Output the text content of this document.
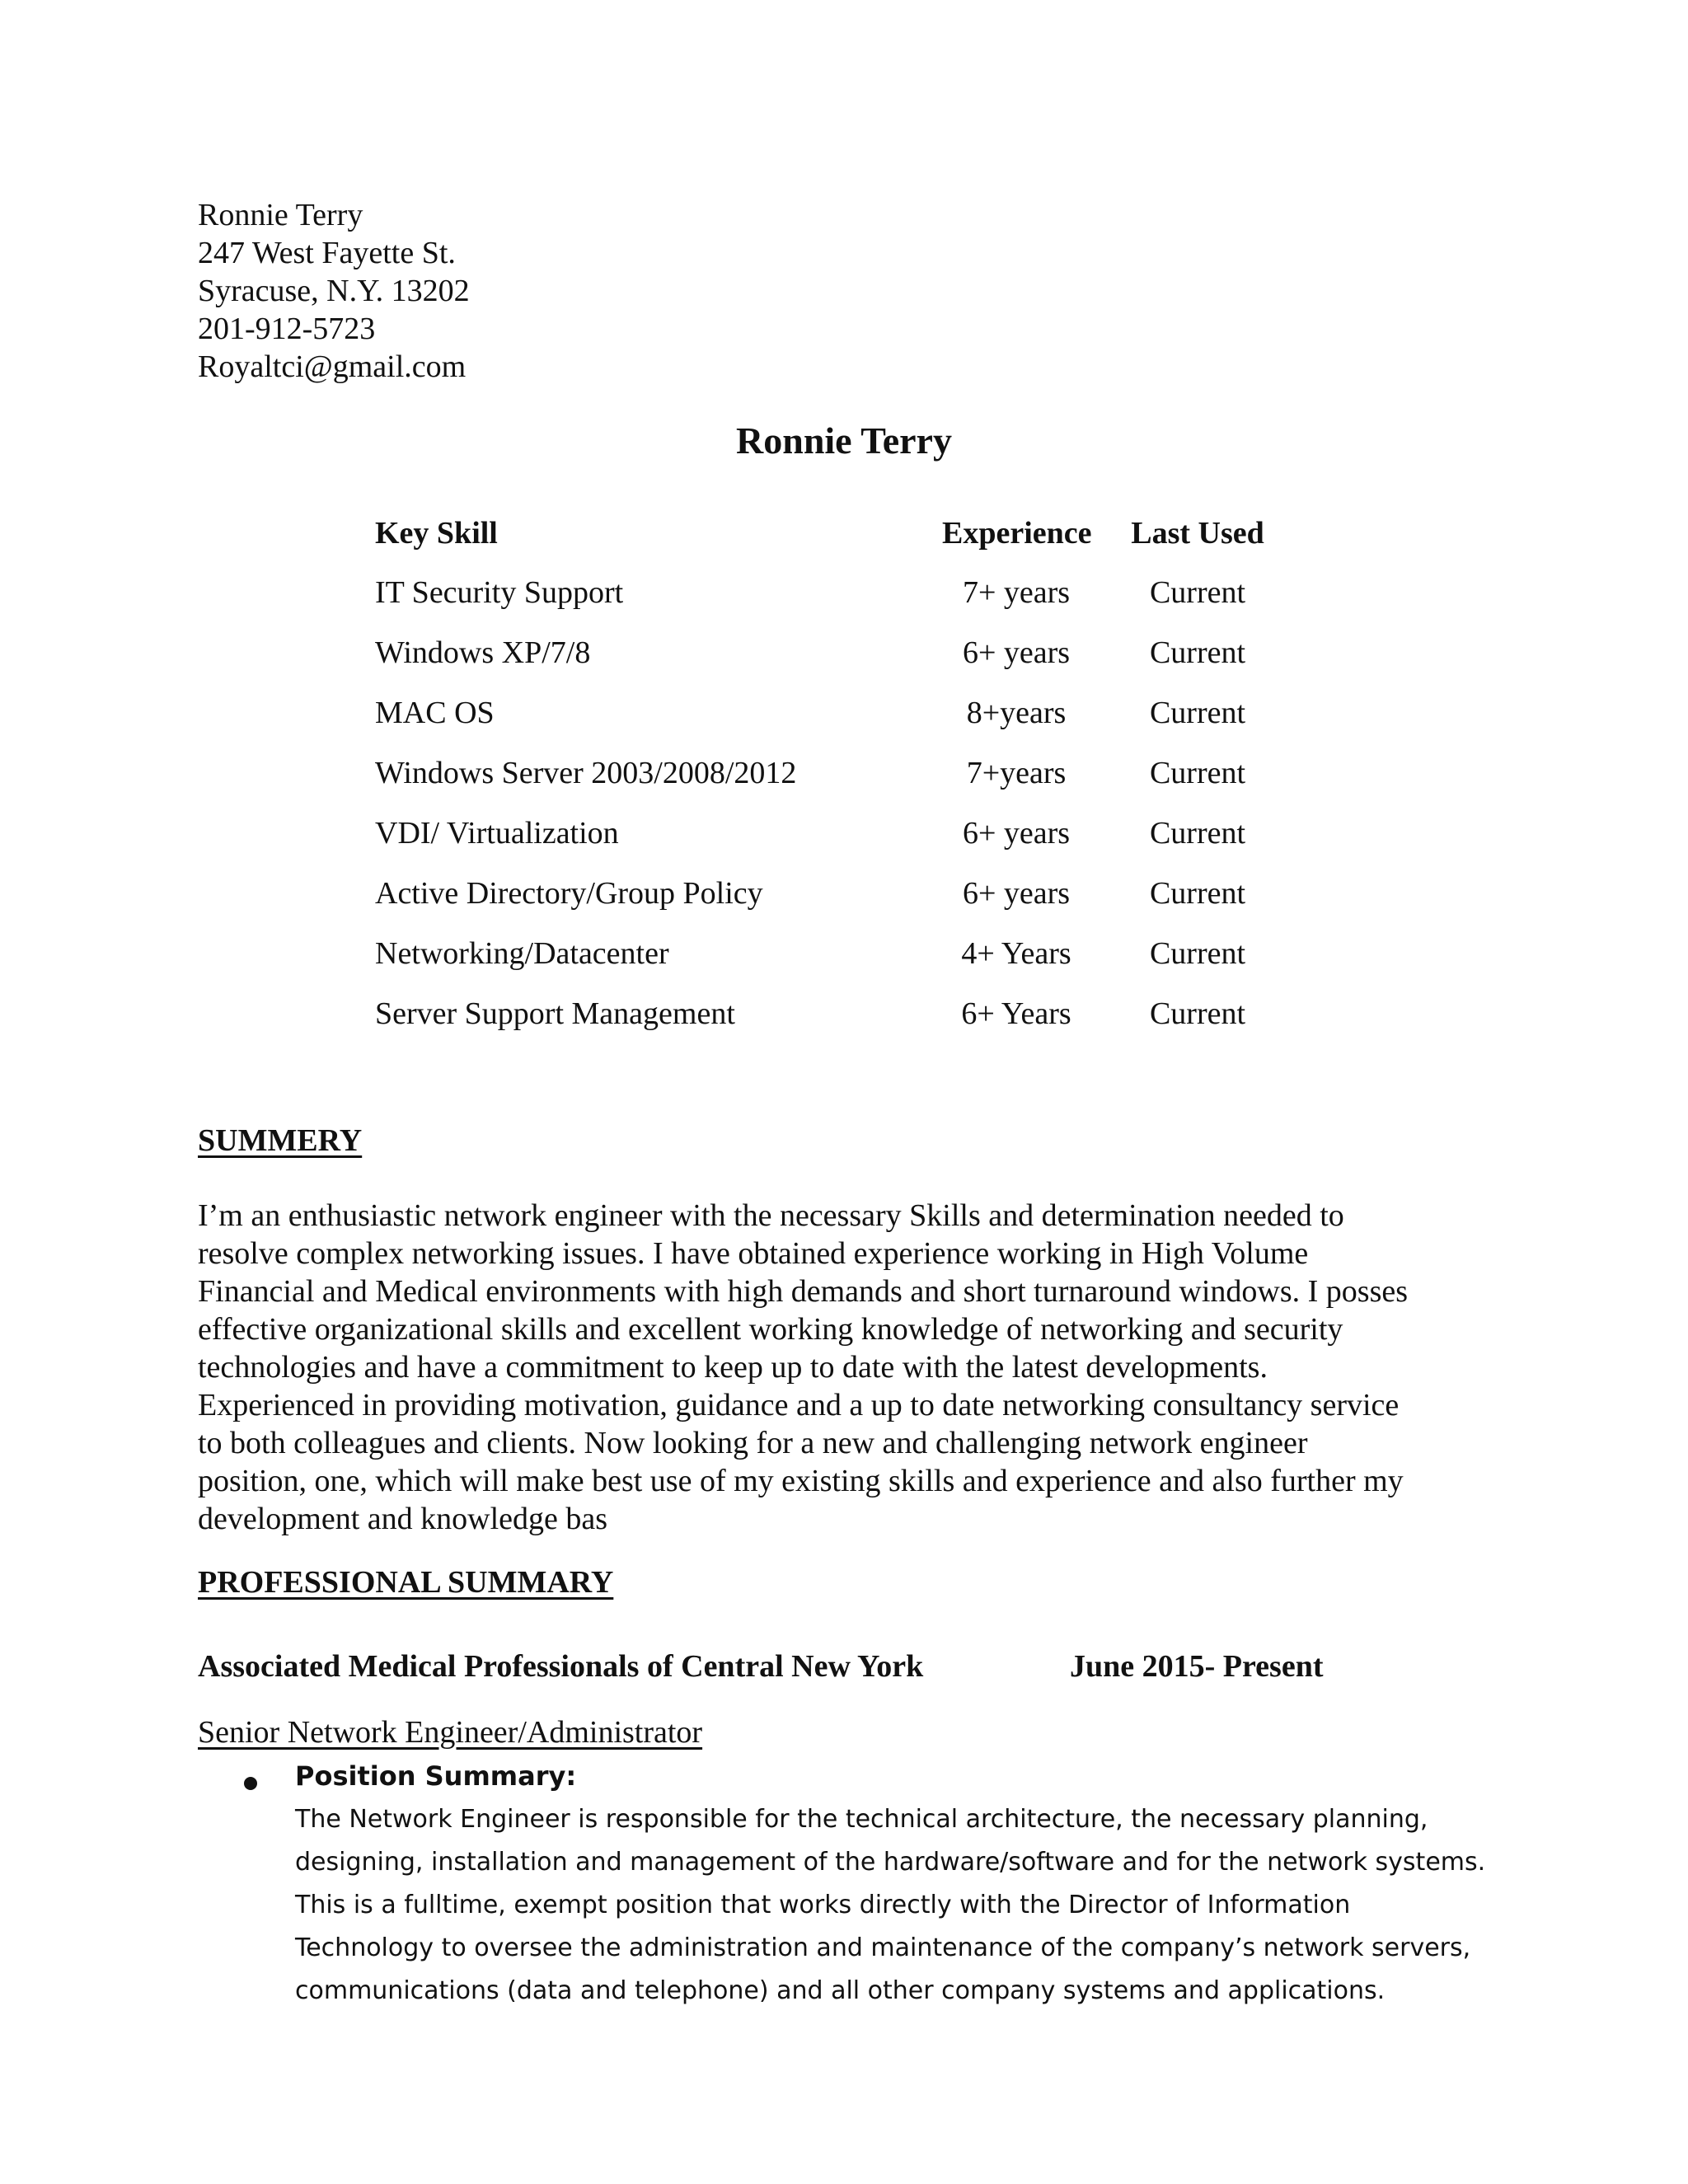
Ronnie Terry
247 West Fayette St.
Syracuse, N.Y. 13202
201-912-5723
Royaltci@gmail.com
Ronnie Terry
Key Skill	Experience	Last Used
IT Security Support	7+ years	Current
Windows XP/7/8	6+ years	Current
MAC OS	8+years	Current
Windows Server 2003/2008/2012	7+years	Current
VDI/ Virtualization	6+ years	Current
Active Directory/Group Policy	6+ years	Current
Networking/Datacenter	4+ Years	Current
Server Support Management	6+ Years	Current
SUMMERY
I’m an enthusiastic network engineer with the necessary Skills and determination needed to
resolve complex networking issues. I have obtained experience working in High Volume
Financial and Medical environments with high demands and short turnaround windows. I posses
effective organizational skills and excellent working knowledge of networking and security
technologies and have a commitment to keep up to date with the latest developments.
Experienced in providing motivation, guidance and a up to date networking consultancy service
to both colleagues and clients. Now looking for a new and challenging network engineer
position, one, which will make best use of my existing skills and experience and also further my
development and knowledge bas
PROFESSIONAL SUMMARY
Associated Medical Professionals of Central New York	June 2015- Present
Senior Network Engineer/Administrator
Position Summary:
The Network Engineer is responsible for the technical architecture, the necessary planning,
designing, installation and management of the hardware/software and for the network systems.
This is a fulltime, exempt position that works directly with the Director of Information
Technology to oversee the administration and maintenance of the company’s network servers,
communications (data and telephone) and all other company systems and applications.
